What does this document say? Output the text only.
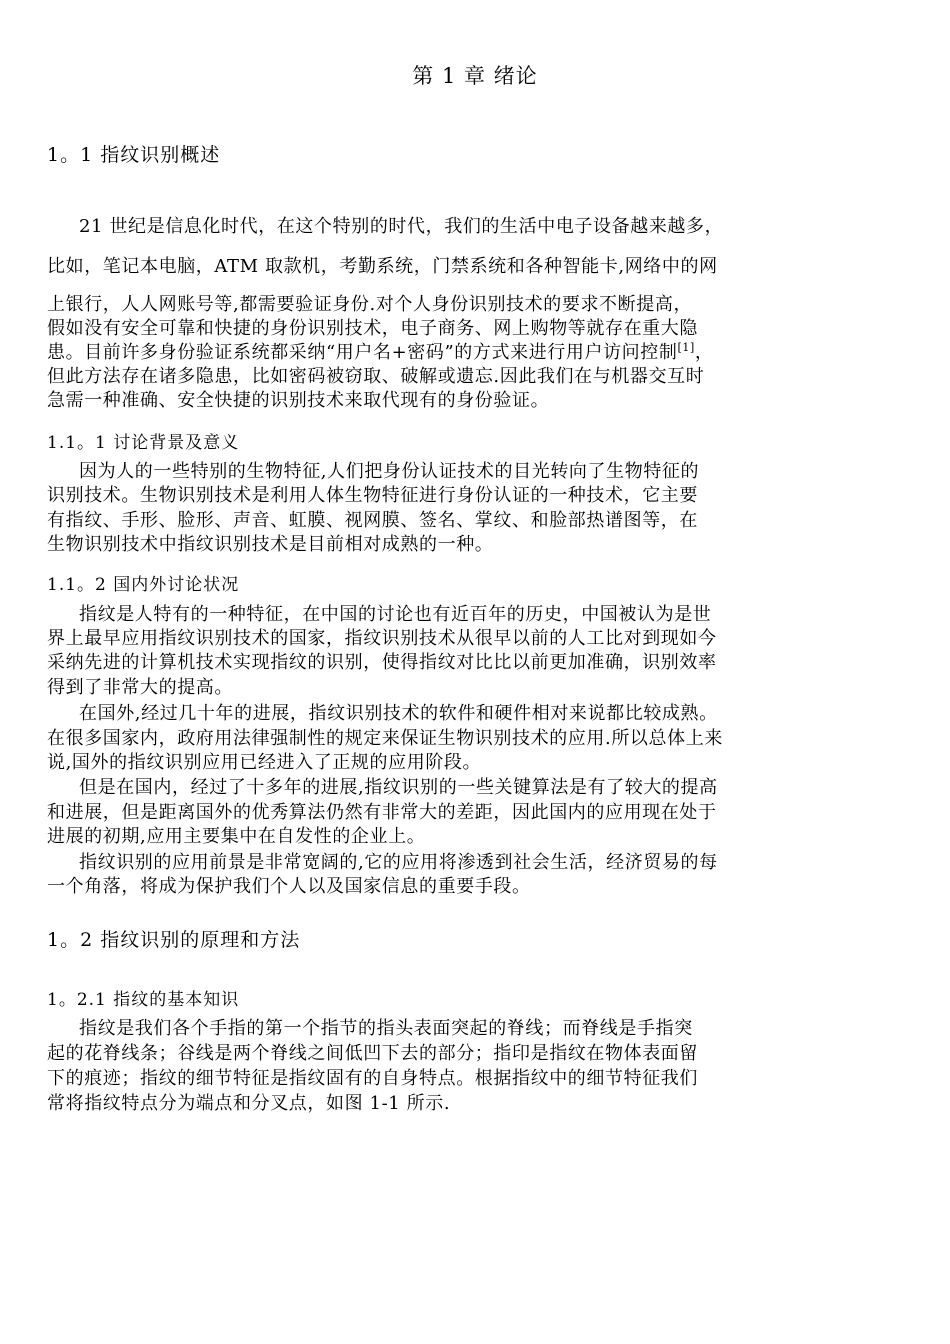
第 1 章 绪论
1。1 指纹识别概述
21 世纪是信息化时代，在这个特别的时代，我们的生活中电子设备越来越多，
比如，笔记本电脑，ATM 取款机，考勤系统，门禁系统和各种智能卡,网络中的网
上银行，人人网账号等,都需要验证身份.对个人身份识别技术的要求不断提高，
假如没有安全可靠和快捷的身份识别技术，电子商务、网上购物等就存在重大隐
患。目前许多身份验证系统都采纳“用户名+密码”的方式来进行用户访问控制[1]，
但此方法存在诸多隐患，比如密码被窃取、破解或遗忘.因此我们在与机器交互时
急需一种准确、安全快捷的识别技术来取代现有的身份验证。
1.1。1 讨论背景及意义
因为人的一些特别的生物特征,人们把身份认证技术的目光转向了生物特征的
识别技术。生物识别技术是利用人体生物特征进行身份认证的一种技术，它主要
有指纹、手形、脸形、声音、虹膜、视网膜、签名、掌纹、和脸部热谱图等，在
生物识别技术中指纹识别技术是目前相对成熟的一种。
1.1。2 国内外讨论状况
指纹是人特有的一种特征，在中国的讨论也有近百年的历史，中国被认为是世
界上最早应用指纹识别技术的国家，指纹识别技术从很早以前的人工比对到现如今
采纳先进的计算机技术实现指纹的识别，使得指纹对比比以前更加准确，识别效率
得到了非常大的提高。
在国外,经过几十年的进展，指纹识别技术的软件和硬件相对来说都比较成熟。
在很多国家内，政府用法律强制性的规定来保证生物识别技术的应用.所以总体上来
说,国外的指纹识别应用已经进入了正规的应用阶段。
但是在国内，经过了十多年的进展,指纹识别的一些关键算法是有了较大的提高
和进展，但是距离国外的优秀算法仍然有非常大的差距，因此国内的应用现在处于
进展的初期,应用主要集中在自发性的企业上。
指纹识别的应用前景是非常宽阔的,它的应用将渗透到社会生活，经济贸易的每
一个角落，将成为保护我们个人以及国家信息的重要手段。
1。2 指纹识别的原理和方法
1。2.1 指纹的基本知识
指纹是我们各个手指的第一个指节的指头表面突起的脊线；而脊线是手指突
起的花脊线条；谷线是两个脊线之间低凹下去的部分；指印是指纹在物体表面留
下的痕迹；指纹的细节特征是指纹固有的自身特点。根据指纹中的细节特征我们
常将指纹特点分为端点和分叉点，如图 1-1 所示.
